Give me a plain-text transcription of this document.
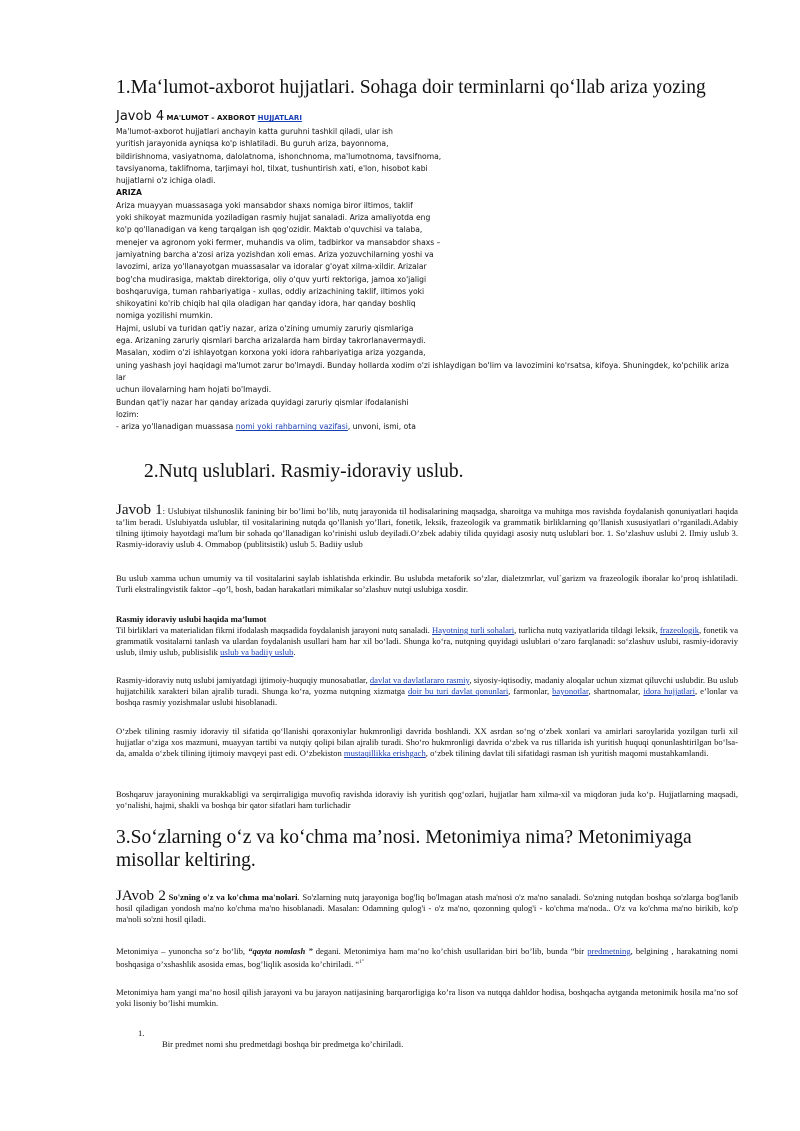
1.Ma‘lumot-axborot hujjatlari. Sohaga doir terminlarni qo‘llab ariza yozing
Javob 4 MA'LUMOT – AXBOROT HUJJATLARI
Ma'lumot-axborot hujjatlari anchayin katta guruhni tashkil qiladi, ular ish
yuritish jarayonida ayniqsa ko'p ishlatiladi. Bu guruh ariza, bayonnoma,
bildirishnoma, vasiyatnoma, dalolatnoma, ishonchnoma, ma'lumotnoma, tavsifnoma,
tavsiyanoma, taklifnoma, tarjimayi hol, tilxat, tushuntirish xati, e'lon, hisobot kabi
hujjatlarni o'z ichiga oladi.
ARIZA
Ariza muayyan muassasaga yoki mansabdor shaxs nomiga biror iltimos, taklif
yoki shikoyat mazmunida yoziladigan rasmiy hujjat sanaladi. Ariza amaliyotda eng
ko'p qo'llanadigan va keng tarqalgan ish qog'ozidir. Maktab o'quvchisi va talaba,
menejer va agronom yoki fermer, muhandis va olim, tadbirkor va mansabdor shaxs –
jamiyatning barcha a'zosi ariza yozishdan xoli emas. Ariza yozuvchilarning yoshi va
lavozimi, ariza yo'llanayotgan muassasalar va idoralar g'oyat xilma-xildir. Arizalar
bog'cha mudirasiga, maktab direktoriga, oliy o'quv yurti rektoriga, jamoa xo'jaligi
boshqaruviga, tuman rahbariyatiga - xullas, oddiy arizachining taklif, iltimos yoki
shikoyatini ko'rib chiqib hal qila oladigan har qanday idora, har qanday boshliq
nomiga yozilishi mumkin.
Hajmi, uslubi va turidan qat'iy nazar, ariza o'zining umumiy zaruriy qismlariga
ega. Arizaning zaruriy qismlari barcha arizalarda ham birday takrorlanavermaydi.
Masalan, xodim o'zi ishlayotgan korxona yoki idora rahbariyatiga ariza yozganda,
uning yashash joyi haqidagi ma'lumot zarur bo'lmaydi. Bunday hollarda xodim o'zi ishlaydigan bo'lim va lavozimini ko'rsatsa, kifoya. Shuningdek, ko'pchilik ariza
lar
uchun ilovalarning ham hojati bo'lmaydi.
Bundan qat'iy nazar har qanday arizada quyidagi zaruriy qismlar ifodalanishi
lozim:
- ariza yo'llanadigan muassasa nomi yoki rahbarning vazifasi, unvoni, ismi, ota
2.Nutq uslublari. Rasmiy-idoraviy uslub.

Javob 1: Uslubiyat tilshunoslik fanining bir bo’limi bo’lib, nutq jarayonida til hodisalarining maqsadga, sharoitga va muhitga mos ravishda foydalanish qonuniyatlari haqida ta’lim beradi. Uslubiyatda uslublar, til vositalarining nutqda qo’llanish yo’llari, fonetik, leksik, frazeologik va grammatik birliklarning qo’llanish xususiyatlari o’rganiladi.Adabiy tilning ijtimoiy hayotdagi ma'lum bir sohada qo’llanadigan ko’rinishi uslub deyiladi.O’zbek adabiy tilida quyidagi asosiy nutq uslublari bor. 1. So’zlashuv uslubi 2. Ilmiy uslub 3. Rasmiy-idoraviy uslub 4. Ommabop (publitsistik) uslub 5. Badiiy uslub

Bu uslub xamma uchun umumiy va til vositalarini saylab ishlatishda erkindir. Bu uslubda metaforik so’zlar, dialetzmrlar, vul`garizm va frazeologik iboralar ko’proq ishlatiladi. Turli ekstralingvistik faktor –qo’l, bosh, badan harakatlari mimikalar so’zlashuv nutqi uslubiga xosdir.

Rasmiy idoraviy uslubi haqida ma’lumot
Til birliklari va materialidan fikrni ifodalash maqsadida foydalanish jarayoni nutq sanaladi. Hayotning turli sohalari, turlicha nutq vaziyatlarida tildagi leksik, frazeologik, fonetik va grammatik vositalarni tanlash va ulardan foydalanish usullari ham har xil bo‘ladi. Shunga ko‘ra, nutqning quyidagi uslublari o‘zaro farqlanadi: so‘zlashuv uslubi, rasmiy-idoraviy uslub, ilmiy uslub, publisislik uslub va badiiy uslub.

Rasmiy-idoraviy nutq uslubi jamiyatdagi ijtimoiy-huquqiy munosabatlar, davlat va davlatlararo rasmiy, siyosiy-iqtisodiy, madaniy aloqalar uchun xizmat qiluvchi uslubdir. Bu uslub hujjatchilik xarakteri bilan ajralib turadi. Shunga ko‘ra, yozma nutqning xizmatga doir bu turi davlat qonunlari, farmonlar, bayonotlar, shartnomalar, idora hujjatlari, e’lonlar va boshqa rasmiy yozishmalar uslubi hisoblanadi.

O‘zbek tilining rasmiy idoraviy til sifatida qo‘llanishi qoraxoniylar hukmronligi davrida boshlandi. XX asrdan so‘ng o‘zbek xonlari va amirlari saroylarida yozilgan turli xil hujjatlar o‘ziga xos mazmuni, muayyan tartibi va nutqiy qolipi bilan ajralib turadi. Sho‘ro hukmronligi davrida o‘zbek va rus tillarida ish yuritish huquqi qonunlashtirilgan bo‘lsa-da, amalda o‘zbek tilining ijtimoiy mavqeyi past edi. O‘zbekiston mustaqillikka erishgach, o‘zbek tilining davlat tili sifatidagi rasman ish yuritish maqomi mustahkamlandi.

Boshqaruv jarayonining murakkabligi va serqirraligiga muvofiq ravishda idoraviy ish yuritish qog‘ozlari, hujjatlar ham xilma-xil va miqdoran juda ko‘p. Hujjatlarning maqsadi, yo‘nalishi, hajmi, shakli va boshqa bir qator sifatlari ham turlichadir

3.So‘zlarning o‘z va ko‘chma ma’nosi. Metonimiya nima? Metonimiyaga misollar keltiring.

JAvob 2 So'zning o'z va ko'chma ma'nolari. So'zlarning nutq jarayoniga bog'liq bo'lmagan atash ma'nosi o'z ma'no sanaladi. So'zning nutqdan boshqa so'zlarga bog'lanib hosil qiladigan yondosh ma'no ko'chma ma'no hisoblanadi. Masalan: Odamning qulog'i - o'z ma'no, qozonning qulog'i - ko'chma ma'noda.. O'z va ko'chma ma'no birikib, ko'p ma'noli so'zni hosil qiladi.

Metonimiya – yunoncha so‘z bo‘lib, “qayta nomlash ” degani. Metonimiya ham ma’no ko’chish usullaridan biri bo’lib, bunda “bir predmetning, belgining , harakatning nomi boshqasiga o’xshashlik asosida emas, bog’liqlik asosida ko’chiriladi. “$^{1”}$

Metonimiya ham yangi ma’no hosil qilish jarayoni va bu jarayon natijasining barqarorligiga ko’ra lison va nutqqa dahldor hodisa, boshqacha aytganda metonimik hosila ma’no sof yoki lisoniy bo’lishi mumkin.

1.
Bir predmet nomi shu predmetdagi boshqa bir predmetga ko’chiriladi.
